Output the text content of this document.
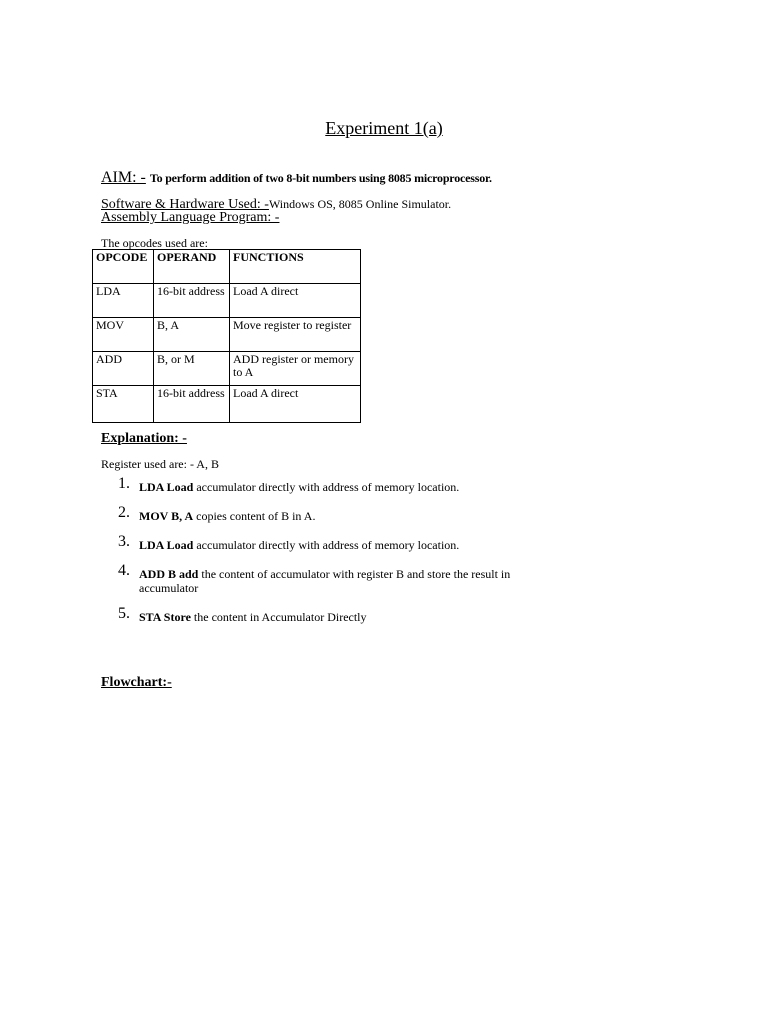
Experiment 1(a)
AIM: - To perform addition of two 8-bit numbers using 8085 microprocessor.
Software & Hardware Used: -Windows OS, 8085 Online Simulator.
Assembly Language Program: -
The opcodes used are:
OPCODE	OPERAND	FUNCTIONS
LDA	16-bit address	Load A direct
MOV	B, A	Move register to register
ADD	B, or M	ADD register or memory to A
STA	16-bit address	Load A direct
Explanation: -
Register used are: - A, B
1. LDA Load accumulator directly with address of memory location.
2. MOV B, A copies content of B in A.
3. LDA Load accumulator directly with address of memory location.
4. ADD B add the content of accumulator with register B and store the result in accumulator
5. STA Store the content in Accumulator Directly
Flowchart:-
